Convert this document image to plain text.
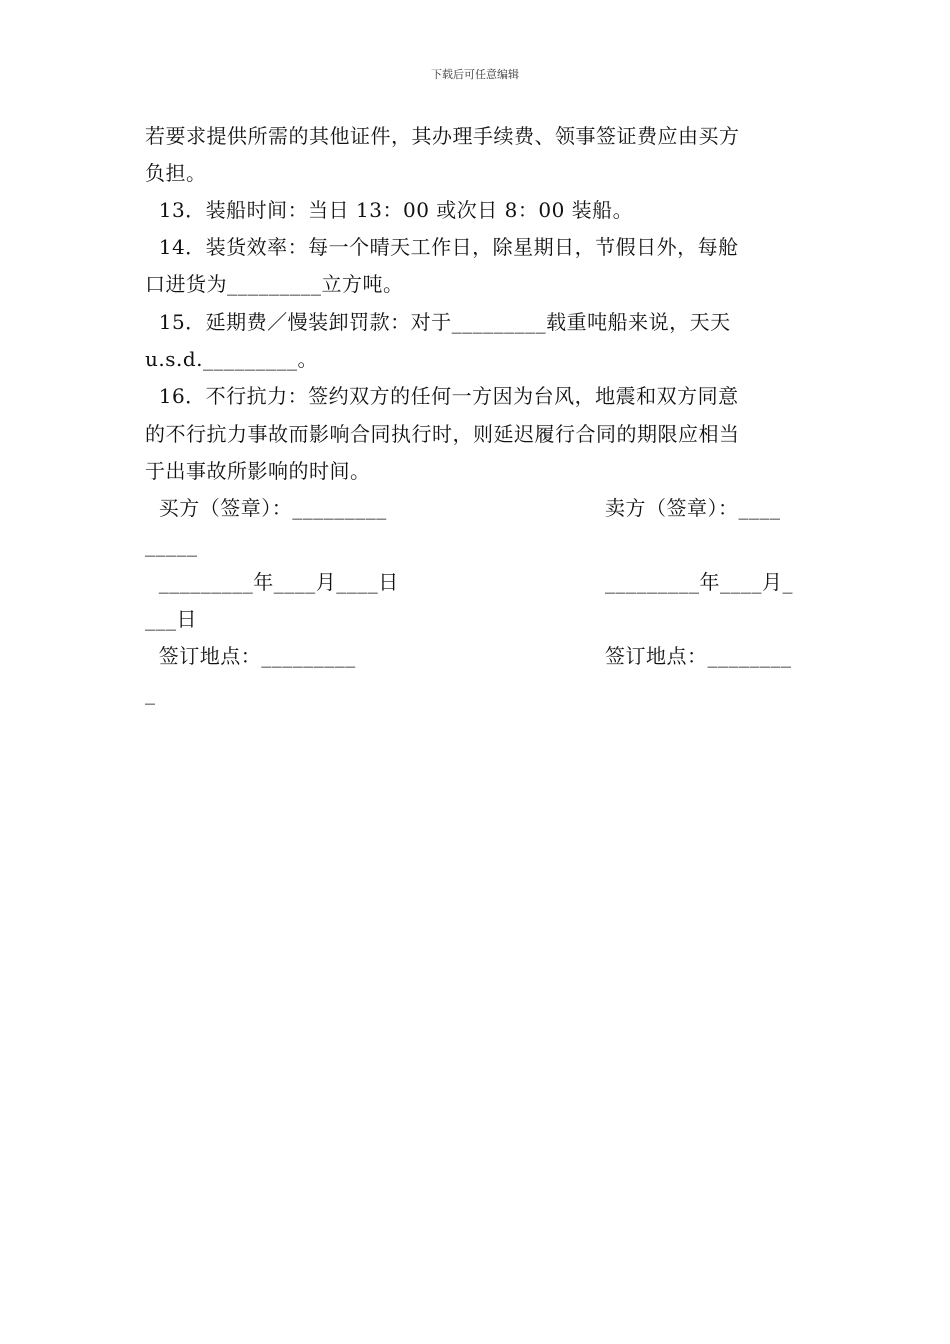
下载后可任意编辑
若要求提供所需的其他证件，其办理手续费、领事签证费应由买方
负担。
13．装船时间：当日 13：00 或次日 8：00 装船。
14．装货效率：每一个晴天工作日，除星期日，节假日外，每舱
口进货为_________立方吨。
15．延期费／慢装卸罚款：对于_________载重吨船来说，天天
u.s.d._________。
16．不行抗力：签约双方的任何一方因为台风，地震和双方同意
的不行抗力事故而影响合同执行时，则延迟履行合同的期限应相当
于出事故所影响的时间。
买方（签章）：_________	卖方（签章）：____
_____
_________年____月____日	_________年____月_
___日
签订地点：_________	签订地点：________
_
